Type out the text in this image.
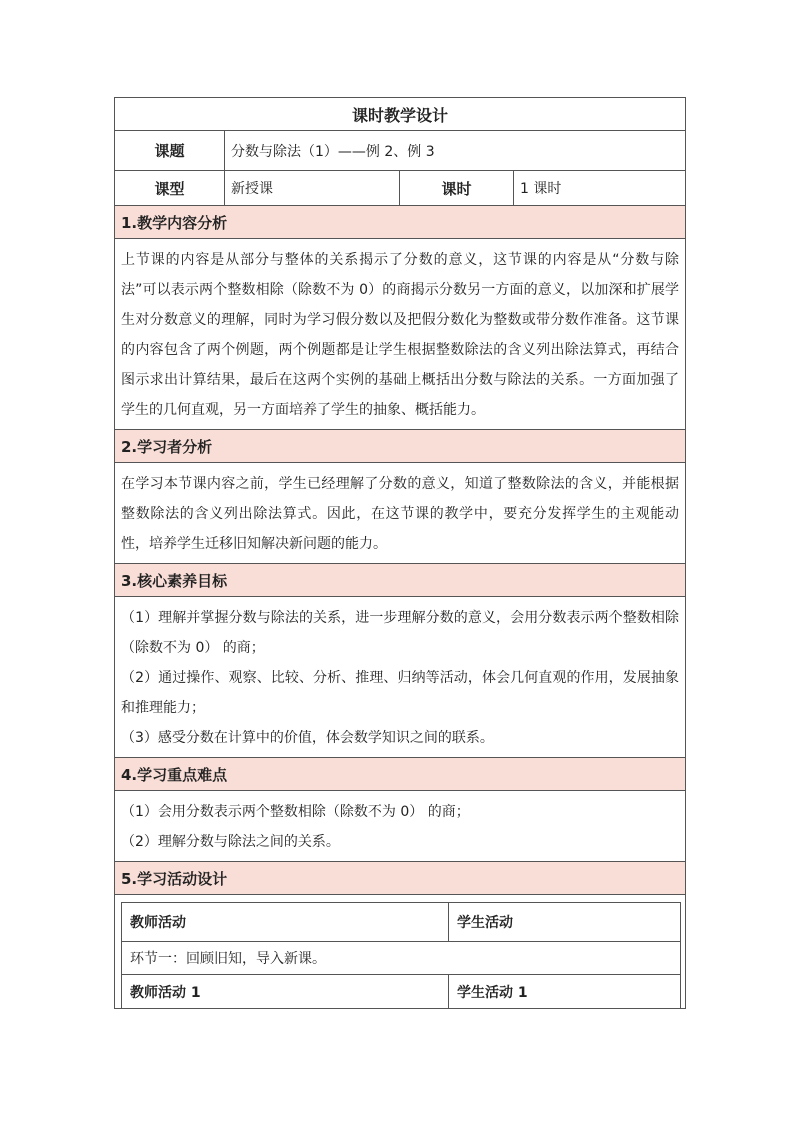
课时教学设计
课题	分数与除法（1）——例 2、例 3
课型	新授课	课时	1 课时
1.教学内容分析

上节课的内容是从部分与整体的关系揭示了分数的意义，这节课的内容是从“分数与除法”可以表示两个整数相除（除数不为 0）的商揭示分数另一方面的意义，以加深和扩展学生对分数意义的理解，同时为学习假分数以及把假分数化为整数或带分数作准备。这节课的内容包含了两个例题，两个例题都是让学生根据整数除法的含义列出除法算式，再结合图示求出计算结果，最后在这两个实例的基础上概括出分数与除法的关系。一方面加强了学生的几何直观，另一方面培养了学生的抽象、概括能力。

2.学习者分析

在学习本节课内容之前，学生已经理解了分数的意义，知道了整数除法的含义，并能根据整数除法的含义列出除法算式。因此，在这节课的教学中，要充分发挥学生的主观能动性，培养学生迁移旧知解决新问题的能力。

3.核心素养目标

（1）理解并掌握分数与除法的关系，进一步理解分数的意义，会用分数表示两个整数相除（除数不为 0） 的商；

（2）通过操作、观察、比较、分析、推理、归纳等活动，体会几何直观的作用，发展抽象和推理能力；

（3）感受分数在计算中的价值，体会数学知识之间的联系。

4.学习重点难点

（1）会用分数表示两个整数相除（除数不为 0） 的商；

（2）理解分数与除法之间的关系。

5.学习活动设计
教师活动	学生活动
环节一：回顾旧知，导入新课。
教师活动 1	学生活动 1
